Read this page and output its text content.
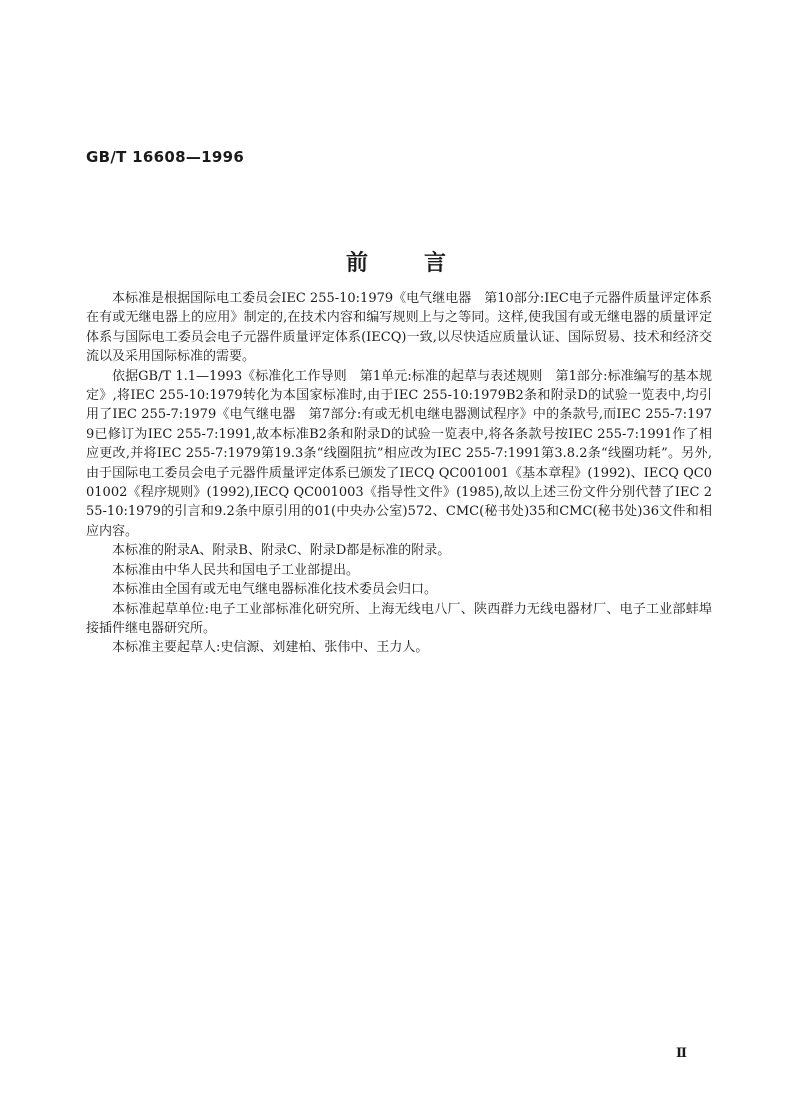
GB/T 16608—1996

前言

本标准是根据国际电工委员会IEC 255-10:1979《电气继电器　第10部分:IEC电子元器件质量评定体系在有或无继电器上的应用》制定的,在技术内容和编写规则上与之等同。这样,使我国有或无继电器的质量评定体系与国际电工委员会电子元器件质量评定体系(IECQ)一致,以尽快适应质量认证、国际贸易、技术和经济交流以及采用国际标准的需要。

依据GB/T 1.1—1993《标准化工作导则　第1单元:标准的起草与表述规则　第1部分:标准编写的基本规定》,将IEC 255-10:1979转化为本国家标准时,由于IEC 255-10:1979B2条和附录D的试验一览表中,均引用了IEC 255-7:1979《电气继电器　第7部分:有或无机电继电器测试程序》中的条款号,而IEC 255-7:1979已修订为IEC 255-7:1991,故本标准B2条和附录D的试验一览表中,将各条款号按IEC 255-7:1991作了相应更改,并将IEC 255-7:1979第19.3条“线圈阻抗”相应改为IEC 255-7:1991第3.8.2条“线圈功耗”。另外,由于国际电工委员会电子元器件质量评定体系已颁发了IECQ QC001001《基本章程》(1992)、IECQ QC001002《程序规则》(1992),IECQ QC001003《指导性文件》(1985),故以上述三份文件分别代替了IEC 255-10:1979的引言和9.2条中原引用的01(中央办公室)572、CMC(秘书处)35和CMC(秘书处)36文件和相应内容。

本标准的附录A、附录B、附录C、附录D都是标准的附录。

本标准由中华人民共和国电子工业部提出。

本标准由全国有或无电气继电器标准化技术委员会归口。

本标准起草单位:电子工业部标准化研究所、上海无线电八厂、陕西群力无线电器材厂、电子工业部蚌埠接插件继电器研究所。

本标准主要起草人:史信源、刘建柏、张伟中、王力人。

Ⅱ
